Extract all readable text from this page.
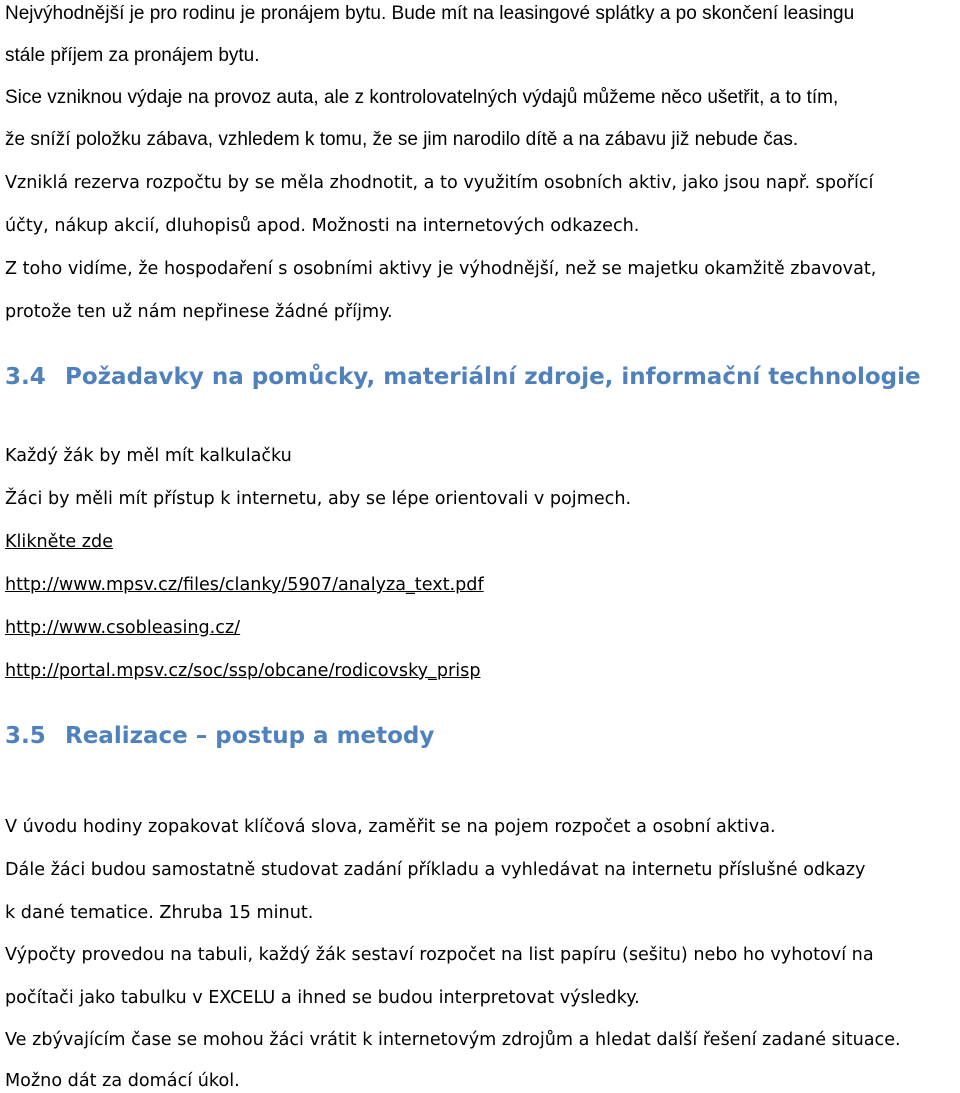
Nejvýhodnější je pro rodinu je pronájem bytu. Bude mít na leasingové splátky a po skončení leasingu
stále příjem za pronájem bytu.
Sice vzniknou výdaje na provoz auta, ale z kontrolovatelných výdajů můžeme něco ušetřit, a to tím,
že sníží položku zábava, vzhledem k tomu, že se jim narodilo dítě a na zábavu již nebude čas.
Vzniklá rezerva rozpočtu by se měla zhodnotit, a to využitím osobních aktiv, jako jsou např. spořící
účty, nákup akcií, dluhopisů apod. Možnosti na internetových odkazech.
Z toho vidíme, že hospodaření s osobními aktivy je výhodnější, než se majetku okamžitě zbavovat,
protože ten už nám nepřinese žádné příjmy.
3.4 Požadavky na pomůcky, materiální zdroje, informační technologie
Každý žák by měl mít kalkulačku
Žáci by měli mít přístup k internetu, aby se lépe orientovali v pojmech.
Klikněte zde
http://www.mpsv.cz/files/clanky/5907/analyza_text.pdf
http://www.csobleasing.cz/
http://portal.mpsv.cz/soc/ssp/obcane/rodicovsky_prisp
3.5 Realizace – postup a metody
V úvodu hodiny zopakovat klíčová slova, zaměřit se na pojem rozpočet a osobní aktiva.
Dále žáci budou samostatně studovat zadání příkladu a vyhledávat na internetu příslušné odkazy
k dané tematice. Zhruba 15 minut.
Výpočty provedou na tabuli, každý žák sestaví rozpočet na list papíru (sešitu) nebo ho vyhotoví na
počítači jako tabulku v EXCELU a ihned se budou interpretovat výsledky.
Ve zbývajícím čase se mohou žáci vrátit k internetovým zdrojům a hledat další řešení zadané situace.
Možno dát za domácí úkol.
